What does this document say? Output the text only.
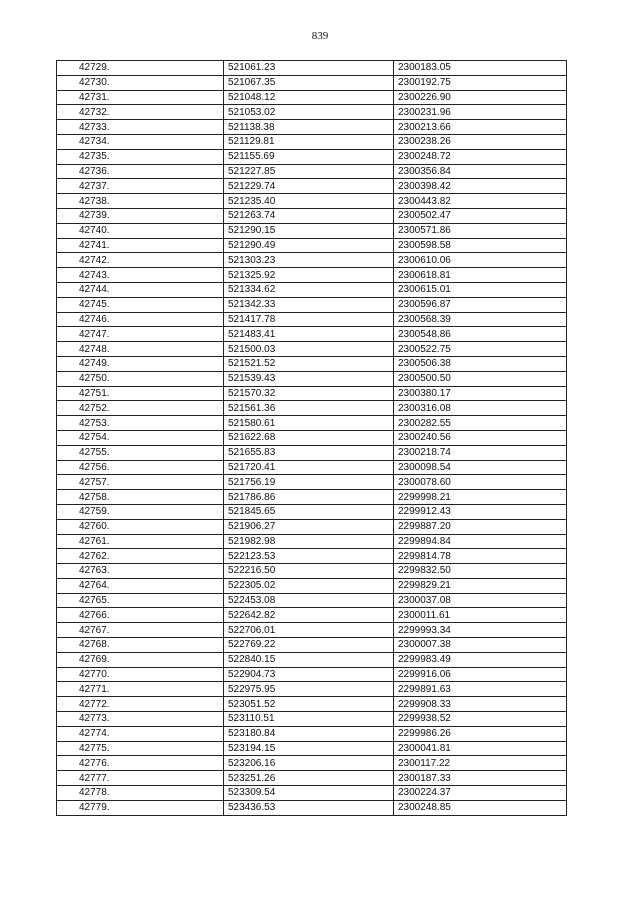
839
42729.	521061.23	2300183.05
42730.	521067.35	2300192.75
42731.	521048.12	2300226.90
42732.	521053.02	2300231.96
42733.	521138.38	2300213.66
42734.	521129.81	2300238.26
42735.	521155.69	2300248.72
42736.	521227.85	2300356.84
42737.	521229.74	2300398.42
42738.	521235.40	2300443.82
42739.	521263.74	2300502.47
42740.	521290.15	2300571.86
42741.	521290.49	2300598.58
42742.	521303.23	2300610.06
42743.	521325.92	2300618.81
42744.	521334.62	2300615.01
42745.	521342.33	2300596.87
42746.	521417.78	2300568.39
42747.	521483.41	2300548.86
42748.	521500.03	2300522.75
42749.	521521.52	2300506.38
42750.	521539.43	2300500.50
42751.	521570.32	2300380.17
42752.	521561.36	2300316.08
42753.	521580.61	2300282.55
42754.	521622.68	2300240.56
42755.	521655.83	2300218.74
42756.	521720.41	2300098.54
42757.	521756.19	2300078.60
42758.	521786.86	2299998.21
42759.	521845.65	2299912.43
42760.	521906.27	2299887.20
42761.	521982.98	2299894.84
42762.	522123.53	2299814.78
42763.	522216.50	2299832.50
42764.	522305.02	2299829.21
42765.	522453.08	2300037.08
42766.	522642.82	2300011.61
42767.	522706.01	2299993.34
42768.	522769.22	2300007.38
42769.	522840.15	2299983.49
42770.	522904.73	2299916.06
42771.	522975.95	2299891.63
42772.	523051.52	2299908.33
42773.	523110.51	2299938.52
42774.	523180.84	2299986.26
42775.	523194.15	2300041.81
42776.	523206.16	2300117.22
42777.	523251.26	2300187.33
42778.	523309.54	2300224.37
42779.	523436.53	2300248.85
